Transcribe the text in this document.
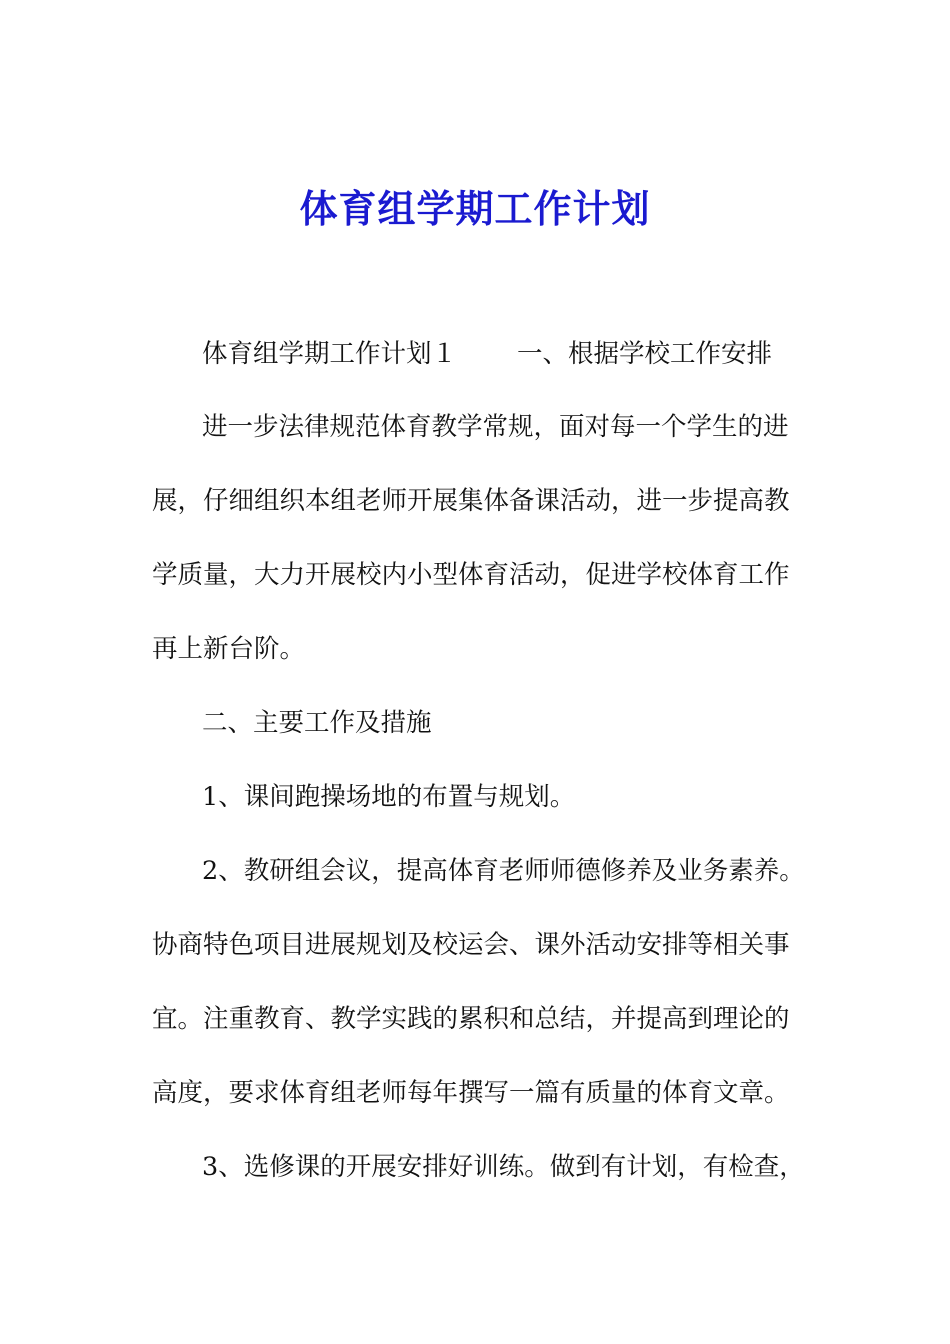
体育组学期工作计划
体育组学期工作计划１ 一、根据学校工作安排
进一步法律规范体育教学常规，面对每一个学生的进
展，仔细组织本组老师开展集体备课活动，进一步提高教
学质量，大力开展校内小型体育活动，促进学校体育工作
再上新台阶。
二、主要工作及措施
1、课间跑操场地的布置与规划。
2、教研组会议，提高体育老师师德修养及业务素养。
协商特色项目进展规划及校运会、课外活动安排等相关事
宜。注重教育、教学实践的累积和总结，并提高到理论的
高度，要求体育组老师每年撰写一篇有质量的体育文章。
3、选修课的开展安排好训练。做到有计划，有检查，
